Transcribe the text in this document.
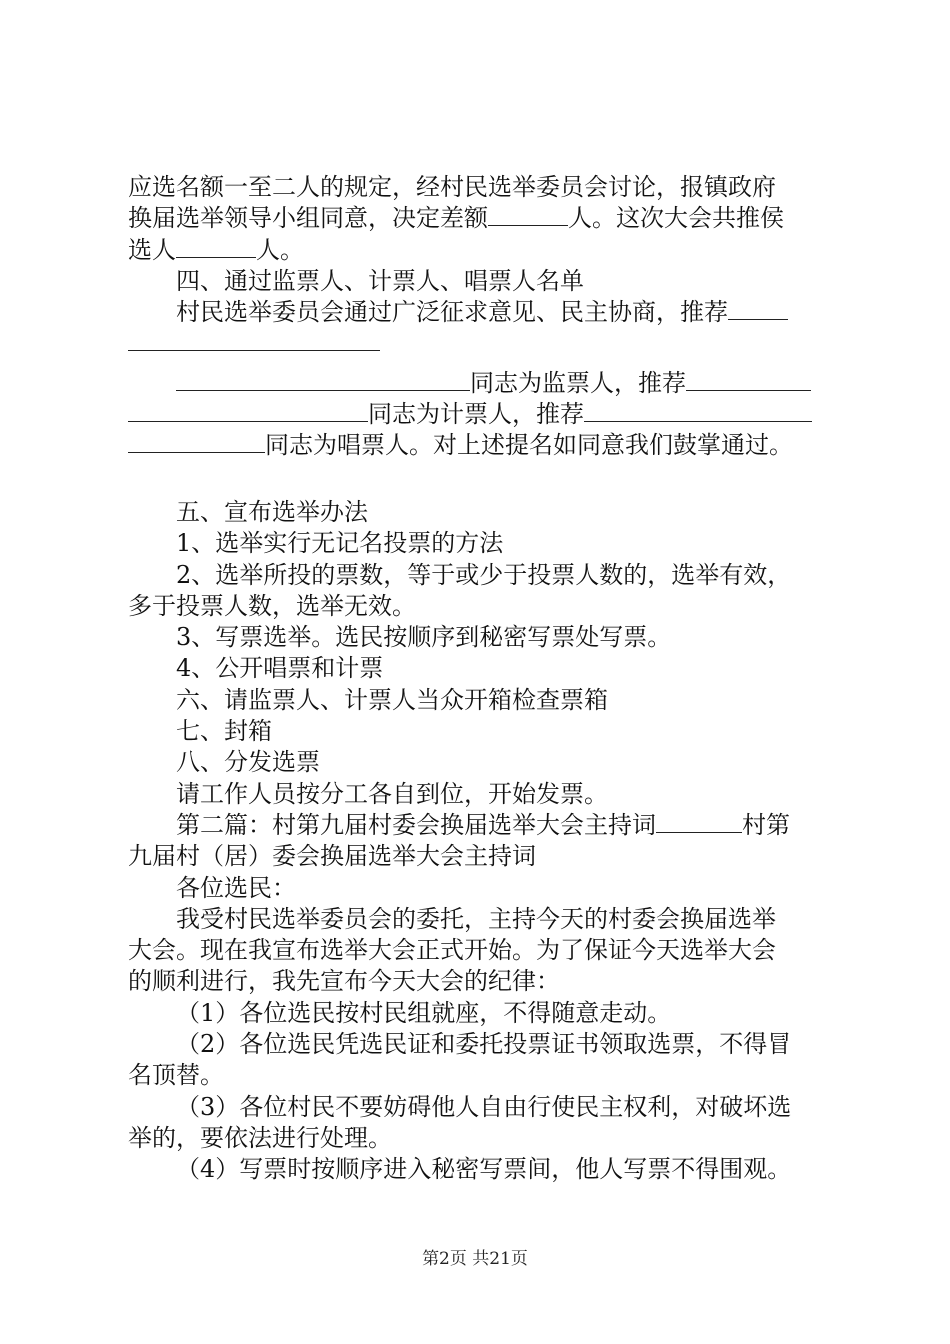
应选名额一至二人的规定，经村民选举委员会讨论，报镇政府
换届选举领导小组同意，决定差额	人。这次大会共推侯
选人	人。
四、通过监票人、计票人、唱票人名单
村民选举委员会通过广泛征求意见、民主协商，推荐
同志为监票人，推荐
同志为计票人，推荐
同志为唱票人。对上述提名如同意我们鼓掌通过。
五、宣布选举办法
1、选举实行无记名投票的方法
2、选举所投的票数，等于或少于投票人数的，选举有效，
多于投票人数，选举无效。
3、写票选举。选民按顺序到秘密写票处写票。
4、公开唱票和计票
六、请监票人、计票人当众开箱检查票箱
七、封箱
八、分发选票
请工作人员按分工各自到位，开始发票。
第二篇：村第九届村委会换届选举大会主持词	村第
九届村（居）委会换届选举大会主持词
各位选民：
我受村民选举委员会的委托，主持今天的村委会换届选举
大会。现在我宣布选举大会正式开始。为了保证今天选举大会
的顺利进行，我先宣布今天大会的纪律：
（1）各位选民按村民组就座，不得随意走动。
（2）各位选民凭选民证和委托投票证书领取选票，不得冒
名顶替。
（3）各位村民不要妨碍他人自由行使民主权利，对破坏选
举的，要依法进行处理。
（4）写票时按顺序进入秘密写票间，他人写票不得围观。
第2页 共21页
